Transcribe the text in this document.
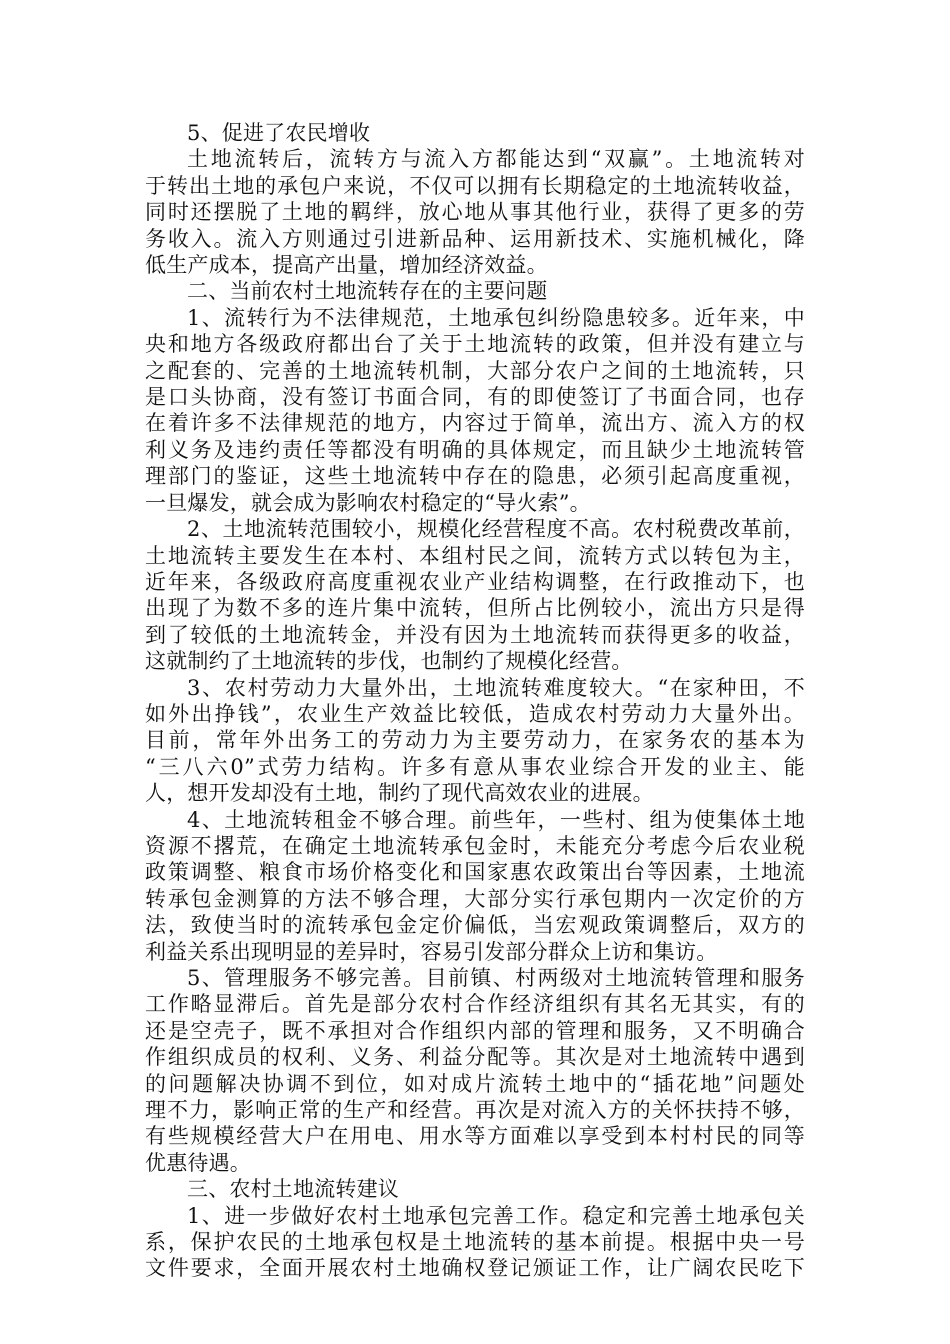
5、促进了农民增收
土地流转后，流转方与流入方都能达到“双赢”。土地流转对
于转出土地的承包户来说，不仅可以拥有长期稳定的土地流转收益，
同时还摆脱了土地的羁绊，放心地从事其他行业，获得了更多的劳
务收入。流入方则通过引进新品种、运用新技术、实施机械化，降
低生产成本，提高产出量，增加经济效益。
二、当前农村土地流转存在的主要问题
1、流转行为不法律规范，土地承包纠纷隐患较多。近年来，中
央和地方各级政府都出台了关于土地流转的政策，但并没有建立与
之配套的、完善的土地流转机制，大部分农户之间的土地流转，只
是口头协商，没有签订书面合同，有的即使签订了书面合同，也存
在着许多不法律规范的地方，内容过于简单，流出方、流入方的权
利义务及违约责任等都没有明确的具体规定，而且缺少土地流转管
理部门的鉴证，这些土地流转中存在的隐患，必须引起高度重视，
一旦爆发，就会成为影响农村稳定的“导火索”。
2、土地流转范围较小，规模化经营程度不高。农村税费改革前，
土地流转主要发生在本村、本组村民之间，流转方式以转包为主，
近年来，各级政府高度重视农业产业结构调整，在行政推动下，也
出现了为数不多的连片集中流转，但所占比例较小，流出方只是得
到了较低的土地流转金，并没有因为土地流转而获得更多的收益，
这就制约了土地流转的步伐，也制约了规模化经营。
3、农村劳动力大量外出，土地流转难度较大。“在家种田，不
如外出挣钱”，农业生产效益比较低，造成农村劳动力大量外出。
目前，常年外出务工的劳动力为主要劳动力，在家务农的基本为
“三八六0”式劳力结构。许多有意从事农业综合开发的业主、能
人，想开发却没有土地，制约了现代高效农业的进展。
4、土地流转租金不够合理。前些年，一些村、组为使集体土地
资源不撂荒，在确定土地流转承包金时，未能充分考虑今后农业税
政策调整、粮食市场价格变化和国家惠农政策出台等因素，土地流
转承包金测算的方法不够合理，大部分实行承包期内一次定价的方
法，致使当时的流转承包金定价偏低，当宏观政策调整后，双方的
利益关系出现明显的差异时，容易引发部分群众上访和集访。
5、管理服务不够完善。目前镇、村两级对土地流转管理和服务
工作略显滞后。首先是部分农村合作经济组织有其名无其实，有的
还是空壳子，既不承担对合作组织内部的管理和服务，又不明确合
作组织成员的权利、义务、利益分配等。其次是对土地流转中遇到
的问题解决协调不到位，如对成片流转土地中的“插花地”问题处
理不力，影响正常的生产和经营。再次是对流入方的关怀扶持不够，
有些规模经营大户在用电、用水等方面难以享受到本村村民的同等
优惠待遇。
三、农村土地流转建议
1、进一步做好农村土地承包完善工作。稳定和完善土地承包关
系，保护农民的土地承包权是土地流转的基本前提。根据中央一号
文件要求，全面开展农村土地确权登记颁证工作，让广阔农民吃下
